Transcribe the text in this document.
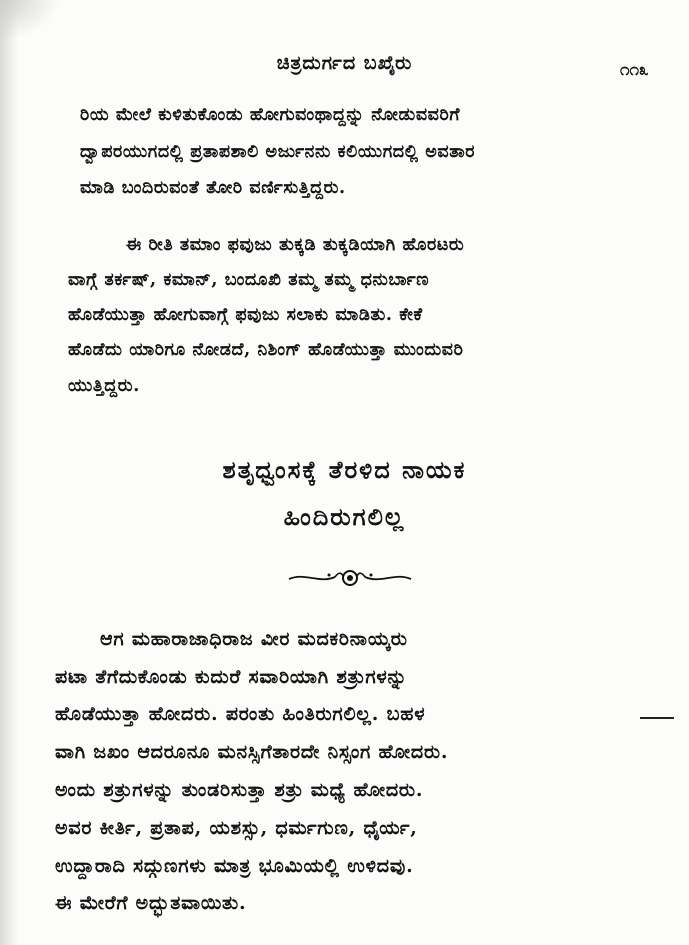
ಚಿತ್ರದುರ್ಗದ ಬಖೈರು	೧೧೩
ರಿಯ ಮೇಲೆ ಕುಳಿತುಕೊಂಡು ಹೋಗುವಂಥಾದ್ದನ್ನು ನೋಡುವವರಿಗೆ
ದ್ವಾಪರಯುಗದಲ್ಲಿ ಪ್ರತಾಪಶಾಲಿ ಅರ್ಜುನನು ಕಲಿಯುಗದಲ್ಲಿ ಅವತಾರ
ಮಾಡಿ ಬಂದಿರುವಂತೆ ತೋರಿ ವರ್ಣಿಸುತ್ತಿದ್ದರು.
ಈ ರೀತಿ ತಮಾಂ ಫವುಜು ತುಕ್ಕಡಿ ತುಕ್ಕಡಿಯಾಗಿ ಹೊರಟರು
ವಾಗ್ಗೆ ತರ್ಕಷ್, ಕಮಾನ್, ಬಂದೂಖಿ ತಮ್ಮ ತಮ್ಮ ಧನುರ್ಬಾಣ
ಹೊಡೆಯುತ್ತಾ ಹೋಗುವಾಗ್ಗೆ ಫವುಜು ಸಲಾಕು ಮಾಡಿತು. ಕೇಕೆ
ಹೊಡೆದು ಯಾರಿಗೂ ನೋಡದೆ, ನಿಶಿಂಗ್ ಹೊಡೆಯುತ್ತಾ ಮುಂದುವರಿ
ಯುತ್ತಿದ್ದರು.
ಶತೃಧ್ವಂಸಕ್ಕೆ ತೆರಳಿದ ನಾಯಕ
ಹಿಂದಿರುಗಲಿಲ್ಲ
ಆಗ ಮಹಾರಾಜಾಧಿರಾಜ ವೀರ ಮದಕರಿನಾಯ್ಕರು
ಪಟಾ ತೆಗೆದುಕೊಂಡು ಕುದುರೆ ಸವಾರಿಯಾಗಿ ಶತ್ರುಗಳನ್ನು
ಹೊಡೆಯುತ್ತಾ ಹೋದರು. ಪರಂತು ಹಿಂತಿರುಗಲಿಲ್ಲ. ಬಹಳ
ವಾಗಿ ಜಖಂ ಆದರೂನೂ ಮನಸ್ಸಿಗೆತಾರದೇ ನಿಸ್ಸಂಗ ಹೋದರು.
ಅಂದು ಶತ್ರುಗಳನ್ನು ತುಂಡರಿಸುತ್ತಾ ಶತ್ರು ಮಧ್ಯೆ ಹೋದರು.
ಅವರ ಕೀರ್ತಿ, ಪ್ರತಾಪ, ಯಶಸ್ಸು, ಧರ್ಮಗುಣ, ಧೈರ್ಯ,
ಉದ್ದಾರಾದಿ ಸದ್ಗುಣಗಳು ಮಾತ್ರ ಭೂಮಿಯಲ್ಲಿ ಉಳಿದವು.
ಈ ಮೇರೆಗೆ ಅದ್ಭುತವಾಯಿತು.
